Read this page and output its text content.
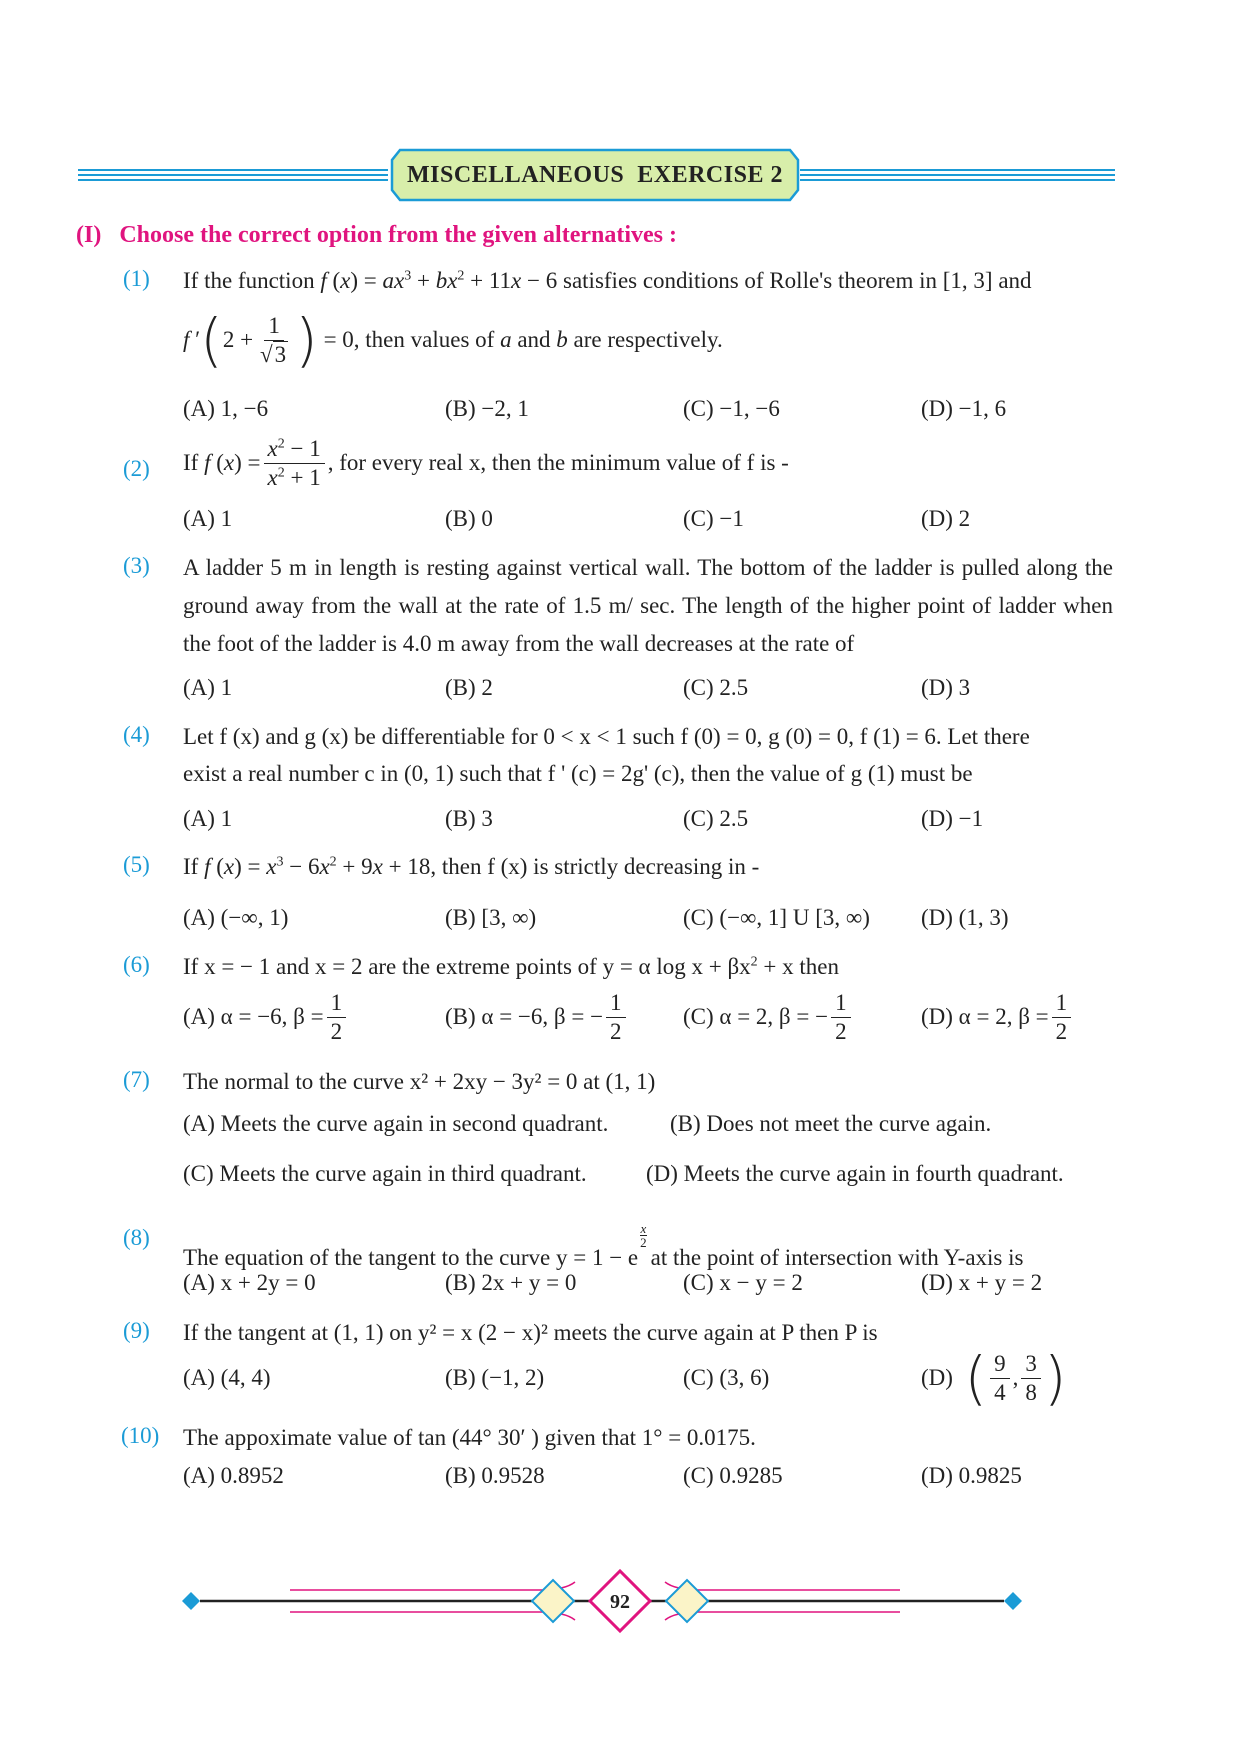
MISCELLANEOUS  EXERCISE 2
(I) Choose the correct option from the given alternatives :
(1) If the function f $(x) = ax^3 + bx^2 + 11x - 6$ satisfies conditions of Rolle's theorem in [1, 3] and
f ′ ( $2 + \frac{1}{√3}$ )
= 0, then values of
a and b
are respectively.
(A) 1, −6	(B) −2, 1	(C) −1, −6	(D) −1, 6
(2) If f ( x ) = $\frac{x^2 - 1}{x^2 + 1}$ , for every real x, then the minimum value of f is -
(A) 1	(B) 0	(C) −1	(D) 2
(3) A ladder 5 m in length is resting against vertical wall. The bottom of the ladder is pulled along the ground away from the wall at the rate of 1.5 m/ sec. The length of the higher point of ladder when the foot of the ladder is 4.0 m away from the wall decreases at the rate of
(A) 1	(B) 2	(C) 2.5	(D) 3
(4) Let f (x) and g (x) be differentiable for 0 < x < 1 such f (0) = 0, g (0) = 0, f (1) = 6. Let there
exist a real number c in (0, 1) such that f ' (c) = 2g' (c), then the value of g (1) must be
(A) 1	(B) 3	(C) 2.5	(D) −1
(5) If f $(x) = x^3 - 6x^2 + 9x + 18$, then f (x) is strictly decreasing in -
(A) (−∞, 1)	(B) [3, ∞)	(C) (−∞, 1] U [3, ∞) (D) (1, 3)
(6) If x = − 1 and x = 2 are the extreme points of y = α $\log x + \beta x^2 + x$ then
(A) α = −6, $\beta = \frac{1}{2}$	(B) α = −6, β = − $\frac{1}{2} (C) \alpha = 2$, β = − $\frac{1}{2}$	(D) α = 2, $\beta = \frac{1}{2}$
(7) The normal to the curve x² + 2xy − 3y² = 0 at (1, 1)
(A) Meets the curve again in second quadrant.	(B) Does not meet the curve again.
(C) Meets the curve again in third quadrant.	(D) Meets the curve again in fourth quadrant.
(8)
The equation of the tangent to the curve $y = 1 - e\frac{x}{2}at$ the point of intersection with Y-axis is
(A) x + 2y = 0	(B) 2x + y = 0	(C) x − y = 2	(D) x + y = 2
(9) If the tangent at (1, 1) on y² = x (2 − x)² meets the curve again at P then P is
(A) (4, 4)	(B) (−1, 2)	(C) (3, 6)	(D)
( $\frac{9}{4}$ , $\frac{3}{8}$ )
(10) The appoximate value of tan (44° 30′ ) given that 1° = 0.0175.
(A) 0.8952	(B) 0.9528	(C) 0.9285	(D) 0.9825
92
